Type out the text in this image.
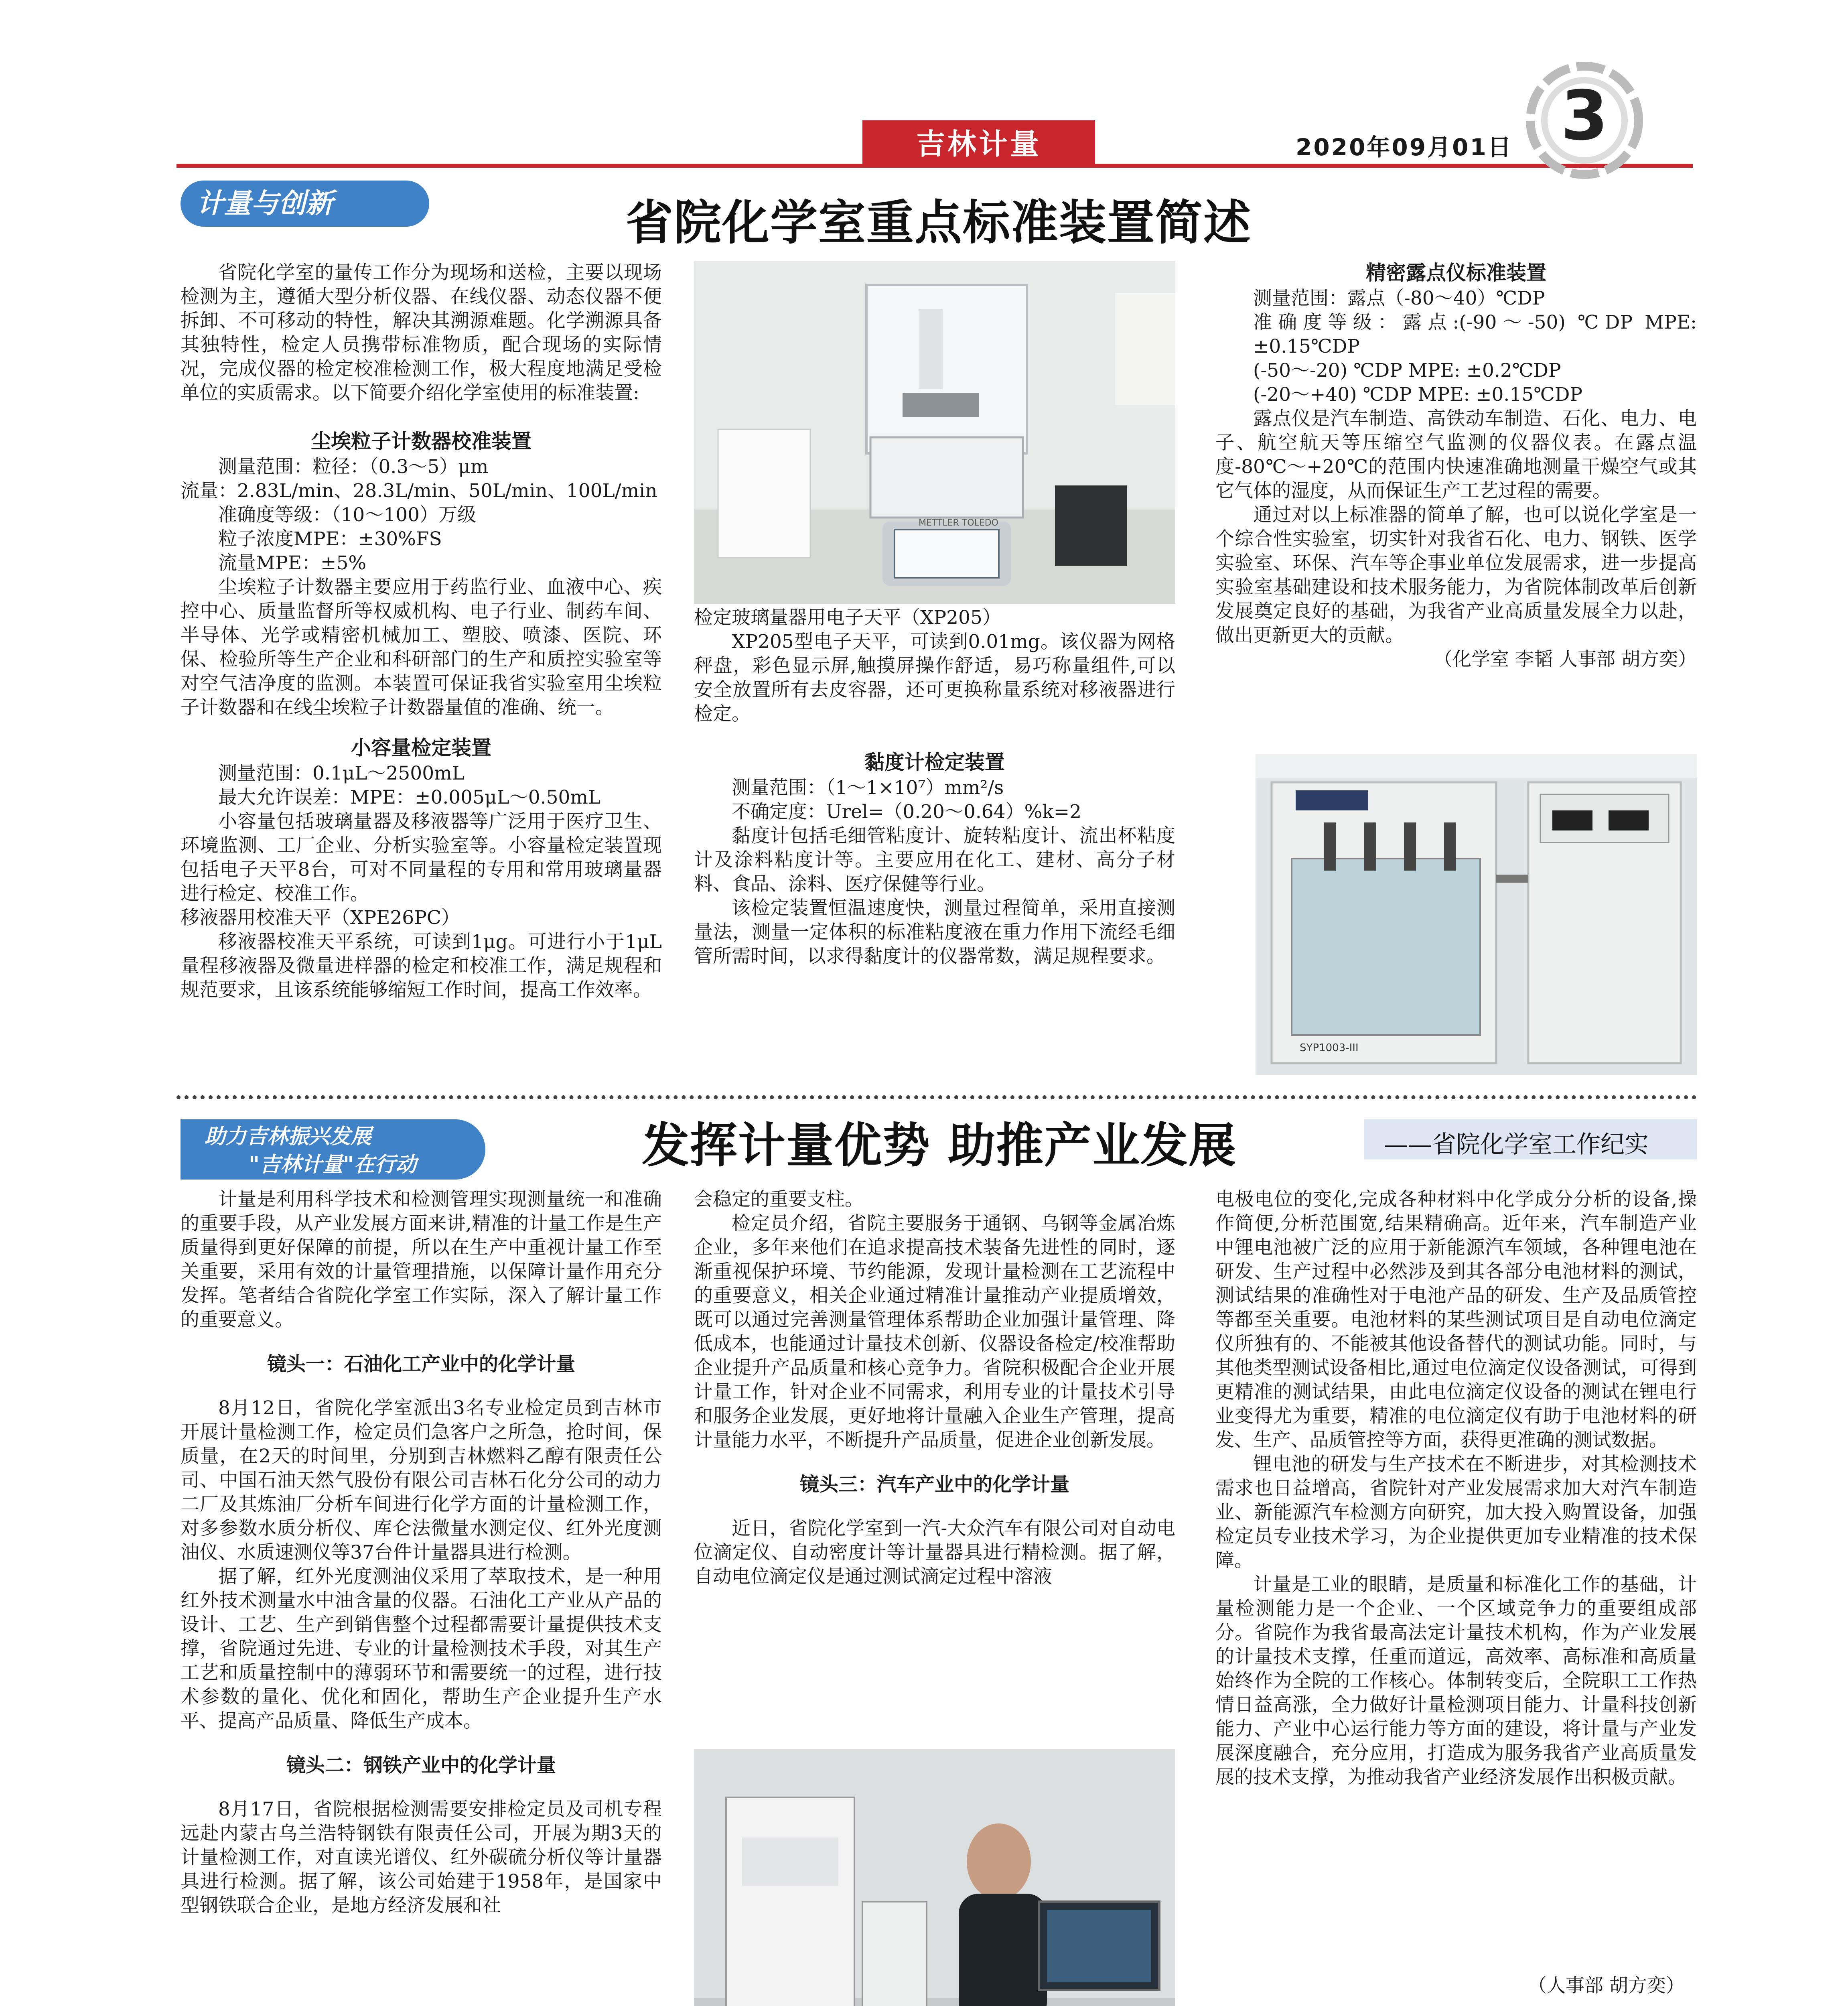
吉林计量	2020年09月01日 3
计量与创新	省院化学室重点标准装置简述

省院化学室的量传工作分为现场和送检，主要以现场检测为主，遵循大型分析仪器、在线仪器、动态仪器不便拆卸、不可移动的特性，解决其溯源难题。化学溯源具备其独特性，检定人员携带标准物质，配合现场的实际情况，完成仪器的检定校准检测工作，极大程度地满足受检单位的实质需求。以下简要介绍化学室使用的标准装置:

尘埃粒子计数器校准装置

测量范围：粒径：（0.3～5）μm

流量：2.83L/min、28.3L/min、50L/min、100L/min

准确度等级：（10～100）万级

粒子浓度MPE：±30%FS

流量MPE：±5%

尘埃粒子计数器主要应用于药监行业、血液中心、疾控中心、质量监督所等权威机构、电子行业、制药车间、半导体、光学或精密机械加工、塑胶、喷漆、医院、环保、检验所等生产企业和科研部门的生产和质控实验室等对空气洁净度的监测。本装置可保证我省实验室用尘埃粒子计数器和在线尘埃粒子计数器量值的准确、统一。

小容量检定装置

测量范围：0.1μL～2500mL

最大允许误差：MPE：±0.005μL～0.50mL

小容量包括玻璃量器及移液器等广泛用于医疗卫生、环境监测、工厂企业、分析实验室等。小容量检定装置现包括电子天平8台，可对不同量程的专用和常用玻璃量器进行检定、校准工作。

移液器用校准天平（XPE26PC）

移液器校准天平系统，可读到1μg。可进行小于1μL量程移液器及微量进样器的检定和校准工作，满足规程和规范要求，且该系统能够缩短工作时间，提高工作效率。

METTLER TOLEDO

检定玻璃量器用电子天平（XP205）

XP205型电子天平，可读到0.01mg。该仪器为网格秤盘，彩色显示屏,触摸屏操作舒适，易巧称量组件,可以安全放置所有去皮容器，还可更换称量系统对移液器进行检定。

黏度计检定装置

测量范围：（1～1×10⁷）mm²/s

不确定度：Urel=（0.20～0.64）%k=2

黏度计包括毛细管粘度计、旋转粘度计、流出杯粘度计及涂料粘度计等。主要应用在化工、建材、高分子材料、食品、涂料、医疗保健等行业。

该检定装置恒温速度快，测量过程简单，采用直接测量法，测量一定体积的标准粘度液在重力作用下流经毛细管所需时间，以求得黏度计的仪器常数，满足规程要求。

精密露点仪标准装置

测量范围：露点（-80～40）℃DP

准确度等级：露点:(-90～-50) ℃DP MPE: ±0.15℃DP

(-50～-20) ℃DP MPE: ±0.2℃DP

(-20～+40) ℃DP MPE: ±0.15℃DP

露点仪是汽车制造、高铁动车制造、石化、电力、电子、航空航天等压缩空气监测的仪器仪表。在露点温度-80℃～+20℃的范围内快速准确地测量干燥空气或其它气体的湿度，从而保证生产工艺过程的需要。

通过对以上标准器的简单了解，也可以说化学室是一个综合性实验室，切实针对我省石化、电力、钢铁、医学实验室、环保、汽车等企事业单位发展需求，进一步提高实验室基础建设和技术服务能力，为省院体制改革后创新发展奠定良好的基础，为我省产业高质量发展全力以赴，做出更新更大的贡献。

（化学室 李韬 人事部 胡方奕）

SYP1003-III
助力吉林振兴发展
"吉林计量"在行动	发挥计量优势 助推产业发展	——省院化学室工作纪实

计量是利用科学技术和检测管理实现测量统一和准确的重要手段，从产业发展方面来讲,精准的计量工作是生产质量得到更好保障的前提，所以在生产中重视计量工作至关重要，采用有效的计量管理措施，以保障计量作用充分发挥。笔者结合省院化学室工作实际，深入了解计量工作的重要意义。

镜头一：石油化工产业中的化学计量

8月12日，省院化学室派出3名专业检定员到吉林市开展计量检测工作，检定员们急客户之所急，抢时间，保质量，在2天的时间里，分别到吉林燃料乙醇有限责任公司、中国石油天然气股份有限公司吉林石化分公司的动力二厂及其炼油厂分析车间进行化学方面的计量检测工作，对多参数水质分析仪、库仑法微量水测定仪、红外光度测油仪、水质速测仪等37台件计量器具进行检测。

据了解，红外光度测油仪采用了萃取技术，是一种用红外技术测量水中油含量的仪器。石油化工产业从产品的设计、工艺、生产到销售整个过程都需要计量提供技术支撑，省院通过先进、专业的计量检测技术手段，对其生产工艺和质量控制中的薄弱环节和需要统一的过程，进行技术参数的量化、优化和固化，帮助生产企业提升生产水平、提高产品质量、降低生产成本。

镜头二：钢铁产业中的化学计量

8月17日，省院根据检测需要安排检定员及司机专程远赴内蒙古乌兰浩特钢铁有限责任公司，开展为期3天的计量检测工作，对直读光谱仪、红外碳硫分析仪等计量器具进行检测。据了解，该公司始建于1958年，是国家中型钢铁联合企业，是地方经济发展和社

会稳定的重要支柱。

检定员介绍，省院主要服务于通钢、乌钢等金属冶炼企业，多年来他们在追求提高技术装备先进性的同时，逐渐重视保护环境、节约能源，发现计量检测在工艺流程中的重要意义，相关企业通过精准计量推动产业提质增效，既可以通过完善测量管理体系帮助企业加强计量管理、降低成本，也能通过计量技术创新、仪器设备检定/校准帮助企业提升产品质量和核心竞争力。省院积极配合企业开展计量工作，针对企业不同需求，利用专业的计量技术引导和服务企业发展，更好地将计量融入企业生产管理，提高计量能力水平，不断提升产品质量，促进企业创新发展。

镜头三：汽车产业中的化学计量

近日，省院化学室到一汽-大众汽车有限公司对自动电位滴定仪、自动密度计等计量器具进行精检测。据了解，自动电位滴定仪是通过测试滴定过程中溶液

电极电位的变化,完成各种材料中化学成分分析的设备,操作简便,分析范围宽,结果精确高。近年来，汽车制造产业中锂电池被广泛的应用于新能源汽车领域，各种锂电池在研发、生产过程中必然涉及到其各部分电池材料的测试，测试结果的准确性对于电池产品的研发、生产及品质管控等都至关重要。电池材料的某些测试项目是自动电位滴定仪所独有的、不能被其他设备替代的测试功能。同时，与其他类型测试设备相比,通过电位滴定仪设备测试，可得到更精准的测试结果，由此电位滴定仪设备的测试在锂电行业变得尤为重要，精准的电位滴定仪有助于电池材料的研发、生产、品质管控等方面，获得更准确的测试数据。

锂电池的研发与生产技术在不断进步，对其检测技术需求也日益增高，省院针对产业发展需求加大对汽车制造业、新能源汽车检测方向研究，加大投入购置设备，加强检定员专业技术学习，为企业提供更加专业精准的技术保障。

计量是工业的眼睛，是质量和标准化工作的基础，计量检测能力是一个企业、一个区域竞争力的重要组成部分。省院作为我省最高法定计量技术机构，作为产业发展的计量技术支撑，任重而道远，高效率、高标准和高质量始终作为全院的工作核心。体制转变后，全院职工工作热情日益高涨，全力做好计量检测项目能力、计量科技创新能力、产业中心运行能力等方面的建设，将计量与产业发展深度融合，充分应用，打造成为服务我省产业高质量发展的技术支撑，为推动我省产业经济发展作出积极贡献。

（人事部 胡方奕）
